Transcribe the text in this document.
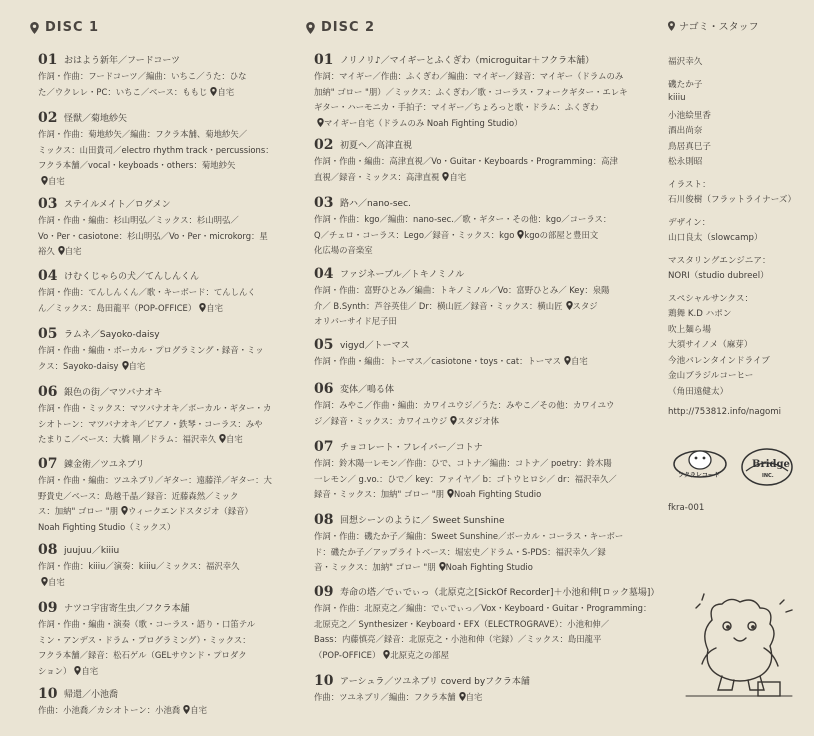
DISC 1
01 おはよう新年／フードコーツ
作詞・作曲：フードコーツ／編曲：いちこ／うた：ひな
た／ウクレレ・PC：いちこ／ベース：ももじ 自宅
02 怪獣／菊地紗矢
作詞・作曲：菊地紗矢／編曲：フクラ本舗、菊地紗矢／
ミックス：山田貴司／electro rhythm track・percussions：
フクラ本舗／vocal・keyboads・others：菊地紗矢
自宅
03 ステイルメイト／ログメン
作詞・作曲・編曲：杉山明弘／ミックス：杉山明弘／
Vo・Per・casiotone：杉山明弘／Vo・Per・microkorg：星
裕久 自宅
04 けむくじゃらの犬／てんしんくん
作詞・作曲：てんしんくん／歌・キーボード：てんしんく
ん／ミックス：島田龍平（POP-OFFICE） 自宅
05 ラムネ／Sayoko-daisy
作詞・作曲・編曲・ボーカル・プログラミング・録音・ミッ
クス：Sayoko-daisy 自宅
06 銀色の街／マツバナオキ
作詞・作曲・ミックス：マツバナオキ／ボーカル・ギター・カ
シオトーン：マツバナオキ／ピアノ・鉄琴・コーラス：みや
たまりこ／ベース：大橋 剛／ドラム：福沢幸久 自宅
07 錬金術／ツユネブリ
作詞・作曲・編曲：ツユネブリ／ギター：遠藤洋／ギター：大
野貴史／ベース：島越千晶／録音：近藤森然／ミック
ス：加納" ゴロー "朋 ウィークエンドスタジオ（録音）
Noah Fighting Studio（ミックス）
08 juujuu／kiiiu
作詞・作曲：kiiiu／演奏：kiiiu／ミックス：福沢幸久
自宅
09 ナツコ宇宙寄生虫／フクラ本舗
作詞・作曲・編曲・演奏（歌・コーラス・語り・口笛テル
ミン・アンデス・ドラム・プログラミング）・ミックス：
フクラ本舗／録音：松石ゲル（GELサウンド・プロダク
ション） 自宅
10 帰還／小池喬
作曲：小池喬／カシオトーン：小池喬 自宅
DISC 2
01 ノリノリ♪／マイギーとふくぎわ（microguitar＋フクラ本舗）
作詞：マイギー／作曲：ふくぎわ／編曲：マイギー／録音：マイギー（ドラムのみ
加納" ゴロー "朋）／ミックス：ふくぎわ／歌・コーラス・フォークギター・エレキ
ギター・ハーモニカ・手拍子：マイギー／ちょろっと歌・ドラム：ふくぎわ
マイギー自宅（ドラムのみ Noah Fighting Studio）
02 初夏へ／高津直視
作詞・作曲・編曲：高津直視／Vo・Guitar・Keyboards・Programming：高津
直視／録音・ミックス：高津直視 自宅
03 路ハ／nano-sec.
作詞・作曲：kgo／編曲：nano-sec.／歌・ギター・その他：kgo／コーラス：
Q／チェロ・コーラス：Lego／録音・ミックス：kgo kgoの部屋と豊田文
化広場の音楽室
04 ファジネーブル／トキノミノル
作詞・作曲：富野ひとみ／編曲：トキノミノル／Vo：富野ひとみ／ Key：泉陽
介／ B.Synth：芦谷英佳／ Dr：横山匠／録音・ミックス：横山匠 スタジ
オリバーサイド尼子田
05 vigyd／トーマス
作詞・作曲・編曲：トーマス／casiotone・toys・cat：トーマス 自宅
06 変体／鳴る体
作詞：みやこ／作曲・編曲：カワイユウジ／うた：みやこ／その他：カワイユウ
ジ／録音・ミックス：カワイユウジ スタジオ体
07 チョコレート・フレイバー／コトナ
作詞：鈴木陽一レモン／作曲：ひで、コトナ／編曲：コトナ／ poetry：鈴木陽
一レモン／ g.vo.：ひで／ key：ファイヤ／ b：ゴトウヒロシ／ dr：福沢幸久／
録音・ミックス：加納" ゴロー "朋 Noah Fighting Studio
08 回想シーンのように／ Sweet Sunshine
作詞・作曲：磯たか子／編曲：Sweet Sunshine／ボーカル・コーラス・キーボー
ド：磯たか子／アップライトベース：堀宏史／ドラム・S-PDS：福沢幸久／録
音・ミックス：加納" ゴロー "朋 Noah Fighting Studio
09 寿命の塔／でぃでぃっ（北原克之[SickOf Recorder]＋小池和伸[ロック墓場]）
作詞・作曲：北原克之／編曲：でぃでぃっ／Vox・Keyboard・Guitar・Programming：
北原克之／ Synthesizer・Keyboard・EFX（ELECTROGRAVE）：小池和伸／
Bass：内藤慎亮／録音：北原克之・小池和伸（宅録）／ミックス：島田龍平
（POP-OFFICE） 北原克之の部屋
10 アーシュラ／ツユネブリ coverd byフクラ本舗
作曲：ツユネブリ／編曲：フクラ本舗 自宅
ナゴミ・スタッフ
福沢幸久
磯たか子
kiiiu
小池絵里香
酒出尚奈
鳥居真巳子
松永則昭
イラスト：
石川俊樹（フラットライナーズ）
デザイン：
山口良太（slowcamp）
マスタリングエンジニア：
NORI（studio dubreel）
スペシャルサンクス：
鶏舞 K.D ハポン
吹上麺ら場
大須サイノメ（麻芽）
今池バレンタインドライブ
金山ブラジルコーヒー
（角田遠健太）
http://753812.info/nagomi
フクラレコード
Bridge
INC.
fkra-001
